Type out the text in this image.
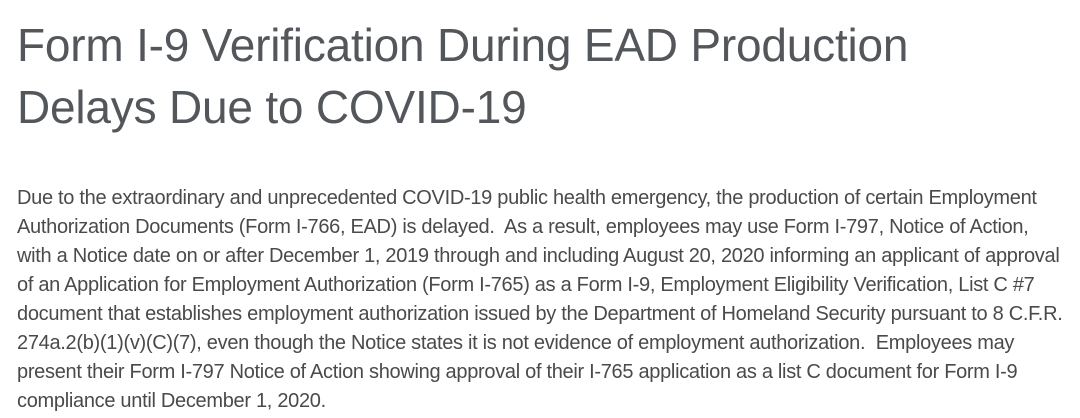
Form I-9 Verification During EAD Production Delays Due to COVID-19

Due to the extraordinary and unprecedented COVID-19 public health emergency, the production of certain Employment Authorization Documents (Form I-766, EAD) is delayed.  As a result, employees may use Form I-797, Notice of Action, with a Notice date on or after December 1, 2019 through and including August 20, 2020 informing an applicant of approval of an Application for Employment Authorization (Form I-765) as a Form I-9, Employment Eligibility Verification, List C #7 document that establishes employment authorization issued by the Department of Homeland Security pursuant to 8 C.F.R. 274a.2(b)(1)(v)(C)(7), even though the Notice states it is not evidence of employment authorization.  Employees may present their Form I-797 Notice of Action showing approval of their I-765 application as a list C document for Form I-9 compliance until December 1, 2020.
